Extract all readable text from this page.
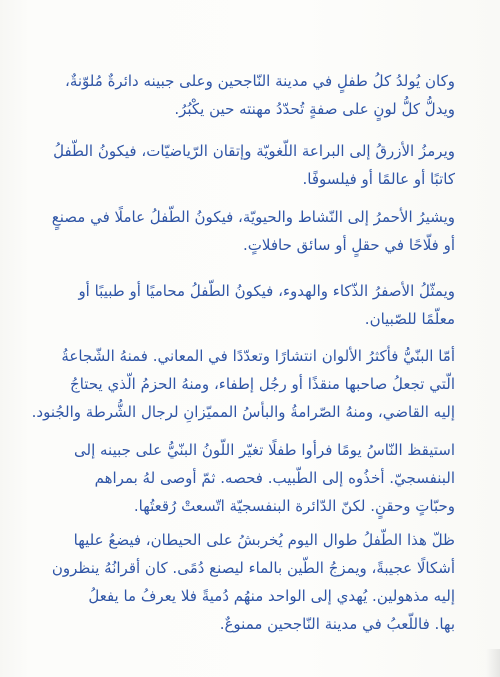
وكان يُولدُ كلُ طفلٍ في مدينة النّاجحين وعلى جبينه دائرةٌ مُلوّنةٌ،
ويدلُّ كلُّ لونٍ على صفةٍ تُحدّدُ مهنته حين يكْبُرُ.
ويرمزُ الأزرقُ إلى البراعة اللّغويّة وإتقان الرّياضيّات، فيكونُ الطّفلُ
كاتبًا أو عالمًا أو فيلسوفًا.
ويشيرُ الأحمرُ إلى النّشاط والحيويّة، فيكونُ الطّفلُ عاملًا في مصنعٍ
أو فلّاحًا في حقلٍ أو سائق حافلاتٍ.
ويمثّلُ الأصفرُ الذّكاء والهدوء، فيكونُ الطّفلُ محاميًا أو طبيبًا أو
معلّمًا للصّبيان.
أمّا البنّيُّ فأكثرُ الألوان انتشارًا وتعدّدًا في المعاني. فمنهُ الشّجاعةُ
الّتي تجعلُ صاحبها منقذًا أو رجُل إطفاء، ومنهُ الحزمُ الّذي يحتاجُ
إليه القاضي، ومنهُ الصّرامةُ والبأسُ المميّزانِ لرجال الشُّرطة والجُنود.
استيقظ النّاسُ يومًا فرأوا طفلًا تغيّر اللّونُ البنّيُّ على جبينه إلى
البنفسجيّ. أخذُوه إلى الطّبيب. فحصه. ثمّ أوصى لهُ بمراهم
وحبّاتٍ وحقنٍ. لكنّ الدّائرة البنفسجيّة اتّسعتْ رُقعتُها.
ظلّ هذا الطّفلُ طوال اليوم يُخربشُ على الحيطان، فيضعُ عليها
أشكالًا عجيبةً، ويمزجُ الطّين بالماء ليصنع دُمًى. كان أقرانُهُ ينظرون
إليه مذهولين. يُهدي إلى الواحد منهُم دُميةً فلا يعرفُ ما يفعلُ
بها. فاللّعبُ في مدينة النّاجحين ممنوعٌ.
